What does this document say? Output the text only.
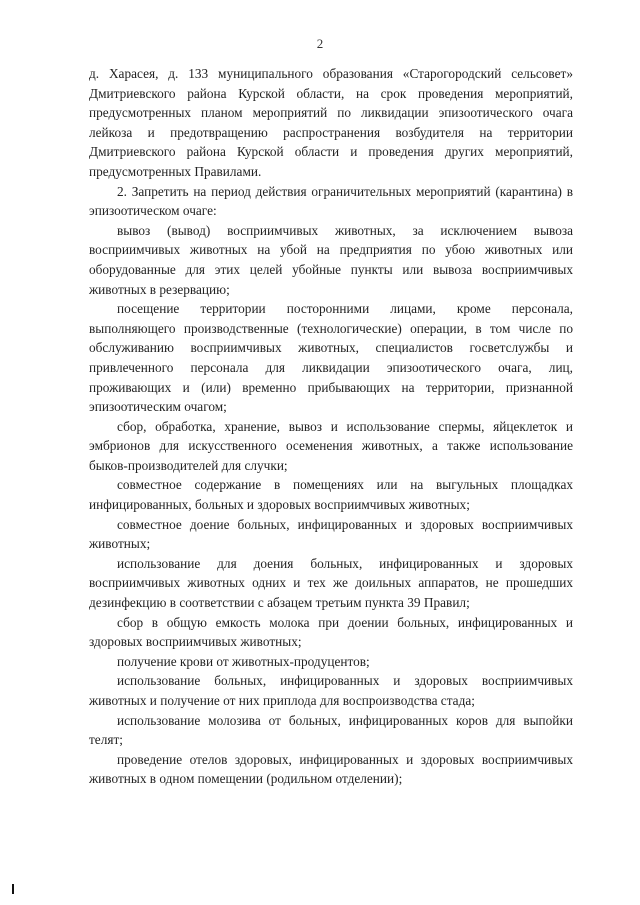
2

д. Харасея, д. 133 муниципального образования «Старогородский сельсовет» Дмитриевского района Курской области, на срок проведения мероприятий, предусмотренных планом мероприятий по ликвидации эпизоотического очага лейкоза и предотвращению распространения возбудителя на территории Дмитриевского района Курской области и проведения других мероприятий, предусмотренных Правилами.

2. Запретить на период действия ограничительных мероприятий (карантина) в эпизоотическом очаге:

вывоз (вывод) восприимчивых животных, за исключением вывоза восприимчивых животных на убой на предприятия по убою животных или оборудованные для этих целей убойные пункты или вывоза восприимчивых животных в резервацию;

посещение территории посторонними лицами, кроме персонала, выполняющего производственные (технологические) операции, в том числе по обслуживанию восприимчивых животных, специалистов госветслужбы и привлеченного персонала для ликвидации эпизоотического очага, лиц, проживающих и (или) временно прибывающих на территории, признанной эпизоотическим очагом;

сбор, обработка, хранение, вывоз и использование спермы, яйцеклеток и эмбрионов для искусственного осеменения животных, а также использование быков-производителей для случки;

совместное содержание в помещениях или на выгульных площадках инфицированных, больных и здоровых восприимчивых животных;

совместное доение больных, инфицированных и здоровых восприимчивых животных;

использование для доения больных, инфицированных и здоровых восприимчивых животных одних и тех же доильных аппаратов, не прошедших дезинфекцию в соответствии с абзацем третьим пункта 39 Правил;

сбор в общую емкость молока при доении больных, инфицированных и здоровых восприимчивых животных;

получение крови от животных-продуцентов;

использование больных, инфицированных и здоровых восприимчивых животных и получение от них приплода для воспроизводства стада;

использование молозива от больных, инфицированных коров для выпойки телят;

проведение отелов здоровых, инфицированных и здоровых восприимчивых животных в одном помещении (родильном отделении);
